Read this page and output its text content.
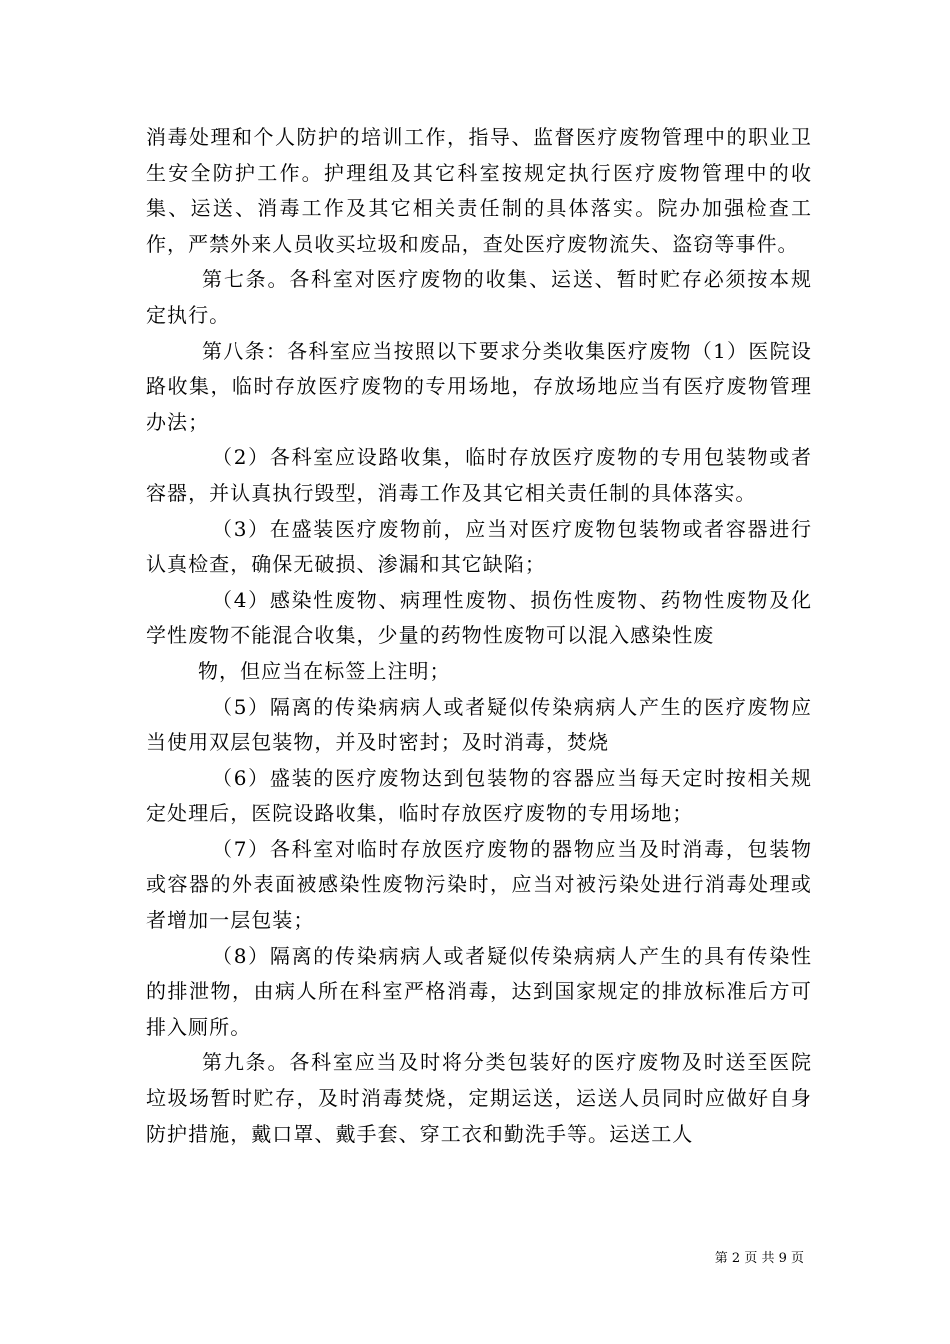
消毒处理和个人防护的培训工作，指导、监督医疗废物管理中的职业卫生安全防护工作。护理组及其它科室按规定执行医疗废物管理中的收集、运送、消毒工作及其它相关责任制的具体落实。院办加强检查工作，严禁外来人员收买垃圾和废品，查处医疗废物流失、盗窃等事件。

第七条。各科室对医疗废物的收集、运送、暂时贮存必须按本规定执行。

第八条：各科室应当按照以下要求分类收集医疗废物（1）医院设路收集，临时存放医疗废物的专用场地，存放场地应当有医疗废物管理办法；

（2）各科室应设路收集，临时存放医疗废物的专用包装物或者容器，并认真执行毁型，消毒工作及其它相关责任制的具体落实。

（3）在盛装医疗废物前，应当对医疗废物包装物或者容器进行认真检查，确保无破损、渗漏和其它缺陷；

（4）感染性废物、病理性废物、损伤性废物、药物性废物及化学性废物不能混合收集，少量的药物性废物可以混入感染性废

物，但应当在标签上注明；

（5）隔离的传染病病人或者疑似传染病病人产生的医疗废物应当使用双层包装物，并及时密封；及时消毒，焚烧

（6）盛装的医疗废物达到包装物的容器应当每天定时按相关规定处理后，医院设路收集，临时存放医疗废物的专用场地；

（7）各科室对临时存放医疗废物的器物应当及时消毒，包装物或容器的外表面被感染性废物污染时，应当对被污染处进行消毒处理或者增加一层包装；

（8）隔离的传染病病人或者疑似传染病病人产生的具有传染性的排泄物，由病人所在科室严格消毒，达到国家规定的排放标准后方可排入厕所。

第九条。各科室应当及时将分类包装好的医疗废物及时送至医院垃圾场暂时贮存，及时消毒焚烧，定期运送，运送人员同时应做好自身防护措施，戴口罩、戴手套、穿工衣和勤洗手等。运送工人

第 2 页 共 9 页
